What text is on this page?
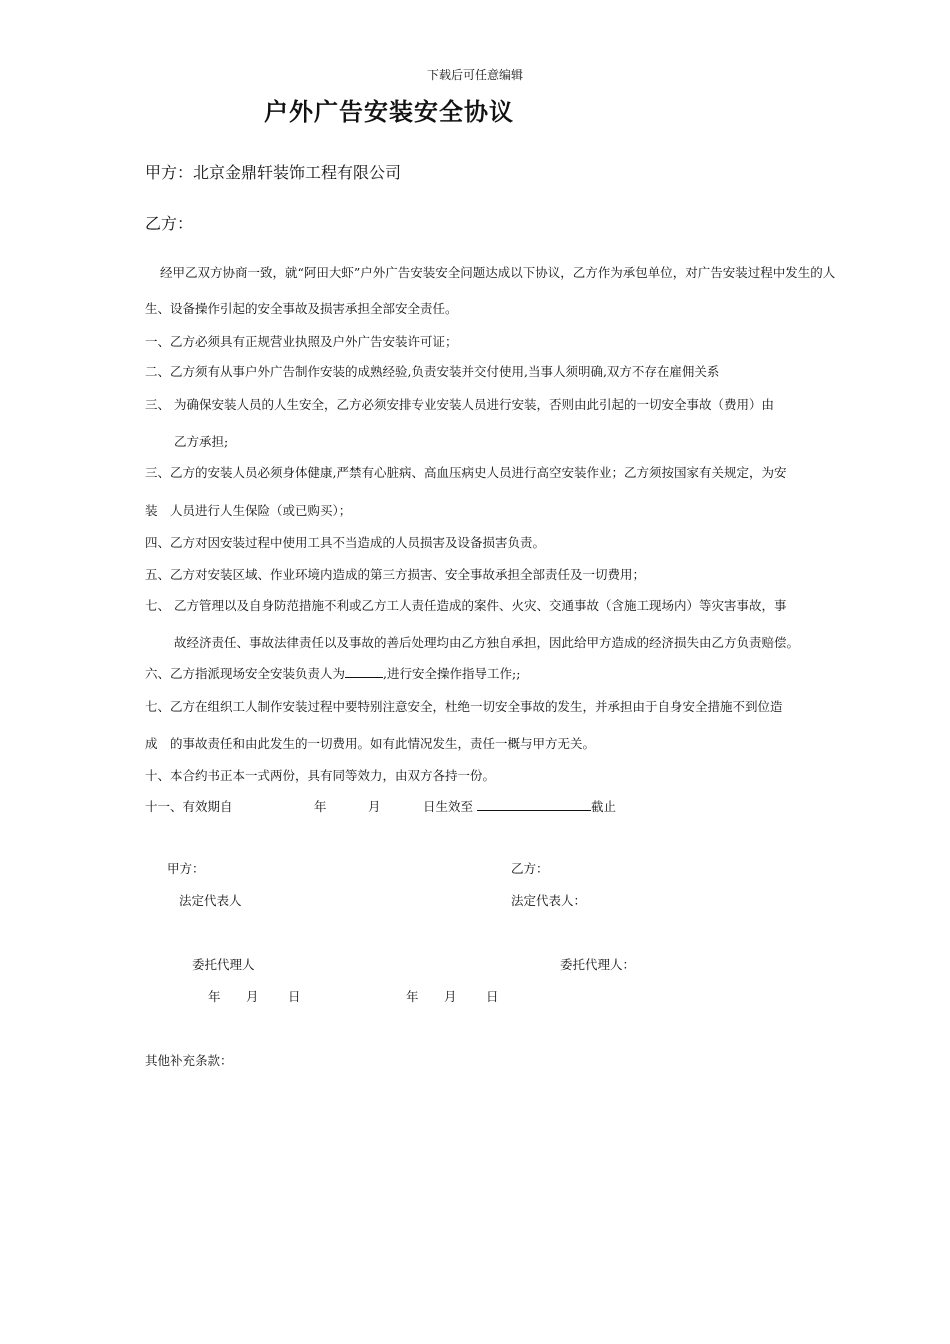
下载后可任意编辑
户外广告安装安全协议
甲方：北京金鼎轩装饰工程有限公司
乙方：
经甲乙双方协商一致，就“阿田大虾”户外广告安装安全问题达成以下协议，乙方作为承包单位，对广告安装过程中发生的人
生、设备操作引起的安全事故及损害承担全部安全责任。
一、乙方必须具有正规营业执照及户外广告安装许可证；
二、乙方须有从事户外广告制作安装的成熟经验,负责安装并交付使用,当事人须明确,双方不存在雇佣关系
三、 为确保安装人员的人生安全，乙方必须安排专业安装人员进行安装，否则由此引起的一切安全事故（费用）由
乙方承担;
三、乙方的安装人员必须身体健康,严禁有心脏病、高血压病史人员进行高空安装作业；乙方须按国家有关规定，为安
装　人员进行人生保险（或已购买）；
四、乙方对因安装过程中使用工具不当造成的人员损害及设备损害负责。
五、乙方对安装区域、作业环境内造成的第三方损害、安全事故承担全部责任及一切费用；
七、 乙方管理以及自身防范措施不利或乙方工人责任造成的案件、火灾、交通事故（含施工现场内）等灾害事故，事
故经济责任、事故法律责任以及事故的善后处理均由乙方独自承担，因此给甲方造成的经济损失由乙方负责赔偿。
六、乙方指派现场安全安装负责人为	,进行安全操作指导工作;;
七、乙方在组织工人制作安装过程中要特别注意安全，杜绝一切安全事故的发生，并承担由于自身安全措施不到位造
成　的事故责任和由此发生的一切费用。如有此情况发生，责任一概与甲方无关。
十、本合约书正本一式两份，具有同等效力，由双方各持一份。
十一、有效期自	年	月	日生效至	截止
甲方：	乙方：
法定代表人	法定代表人：
委托代理人	委托代理人：
年 月 日	年 月 日
其他补充条款：
